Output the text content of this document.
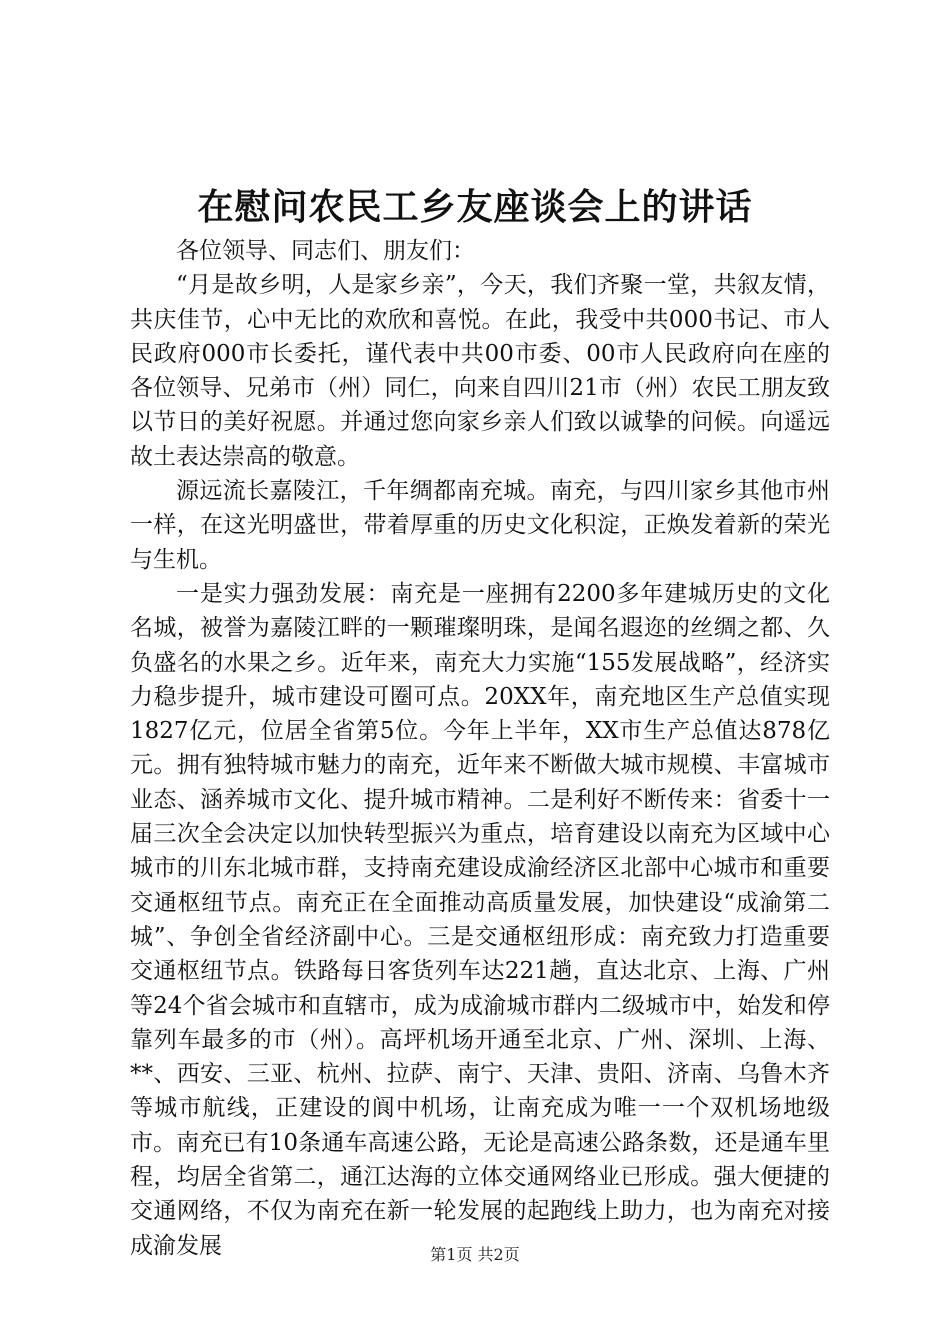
在慰问农民工乡友座谈会上的讲话

各位领导、同志们、朋友们：

“月是故乡明，人是家乡亲”，今天，我们齐聚一堂，共叙友情，共庆佳节，心中无比的欢欣和喜悦。在此，我受中共000书记、市人民政府000市长委托，谨代表中共00市委、00市人民政府向在座的各位领导、兄弟市（州）同仁，向来自四川21市（州）农民工朋友致以节日的美好祝愿。并通过您向家乡亲人们致以诚挚的问候。向遥远故土表达崇高的敬意。

源远流长嘉陵江，千年绸都南充城。南充，与四川家乡其他市州一样，在这光明盛世，带着厚重的历史文化积淀，正焕发着新的荣光与生机。

一是实力强劲发展：南充是一座拥有2200多年建城历史的文化名城，被誉为嘉陵江畔的一颗璀璨明珠，是闻名遐迩的丝绸之都、久负盛名的水果之乡。近年来，南充大力实施“155发展战略”，经济实力稳步提升，城市建设可圈可点。20XX年，南充地区生产总值实现1827亿元，位居全省第5位。今年上半年，XX市生产总值达878亿元。拥有独特城市魅力的南充，近年来不断做大城市规模、丰富城市业态、涵养城市文化、提升城市精神。二是利好不断传来：省委十一届三次全会决定以加快转型振兴为重点，培育建设以南充为区域中心城市的川东北城市群，支持南充建设成渝经济区北部中心城市和重要交通枢纽节点。南充正在全面推动高质量发展，加快建设“成渝第二城”、争创全省经济副中心。三是交通枢纽形成：南充致力打造重要交通枢纽节点。铁路每日客货列车达221趟，直达北京、上海、广州等24个省会城市和直辖市，成为成渝城市群内二级城市中，始发和停靠列车最多的市（州）。高坪机场开通至北京、广州、深圳、上海、**、西安、三亚、杭州、拉萨、南宁、天津、贵阳、济南、乌鲁木齐等城市航线，正建设的阆中机场，让南充成为唯一一个双机场地级市。南充已有10条通车高速公路，无论是高速公路条数，还是通车里程，均居全省第二，通江达海的立体交通网络业已形成。强大便捷的交通网络，不仅为南充在新一轮发展的起跑线上助力，也为南充对接成渝发展	第1页 共2页
